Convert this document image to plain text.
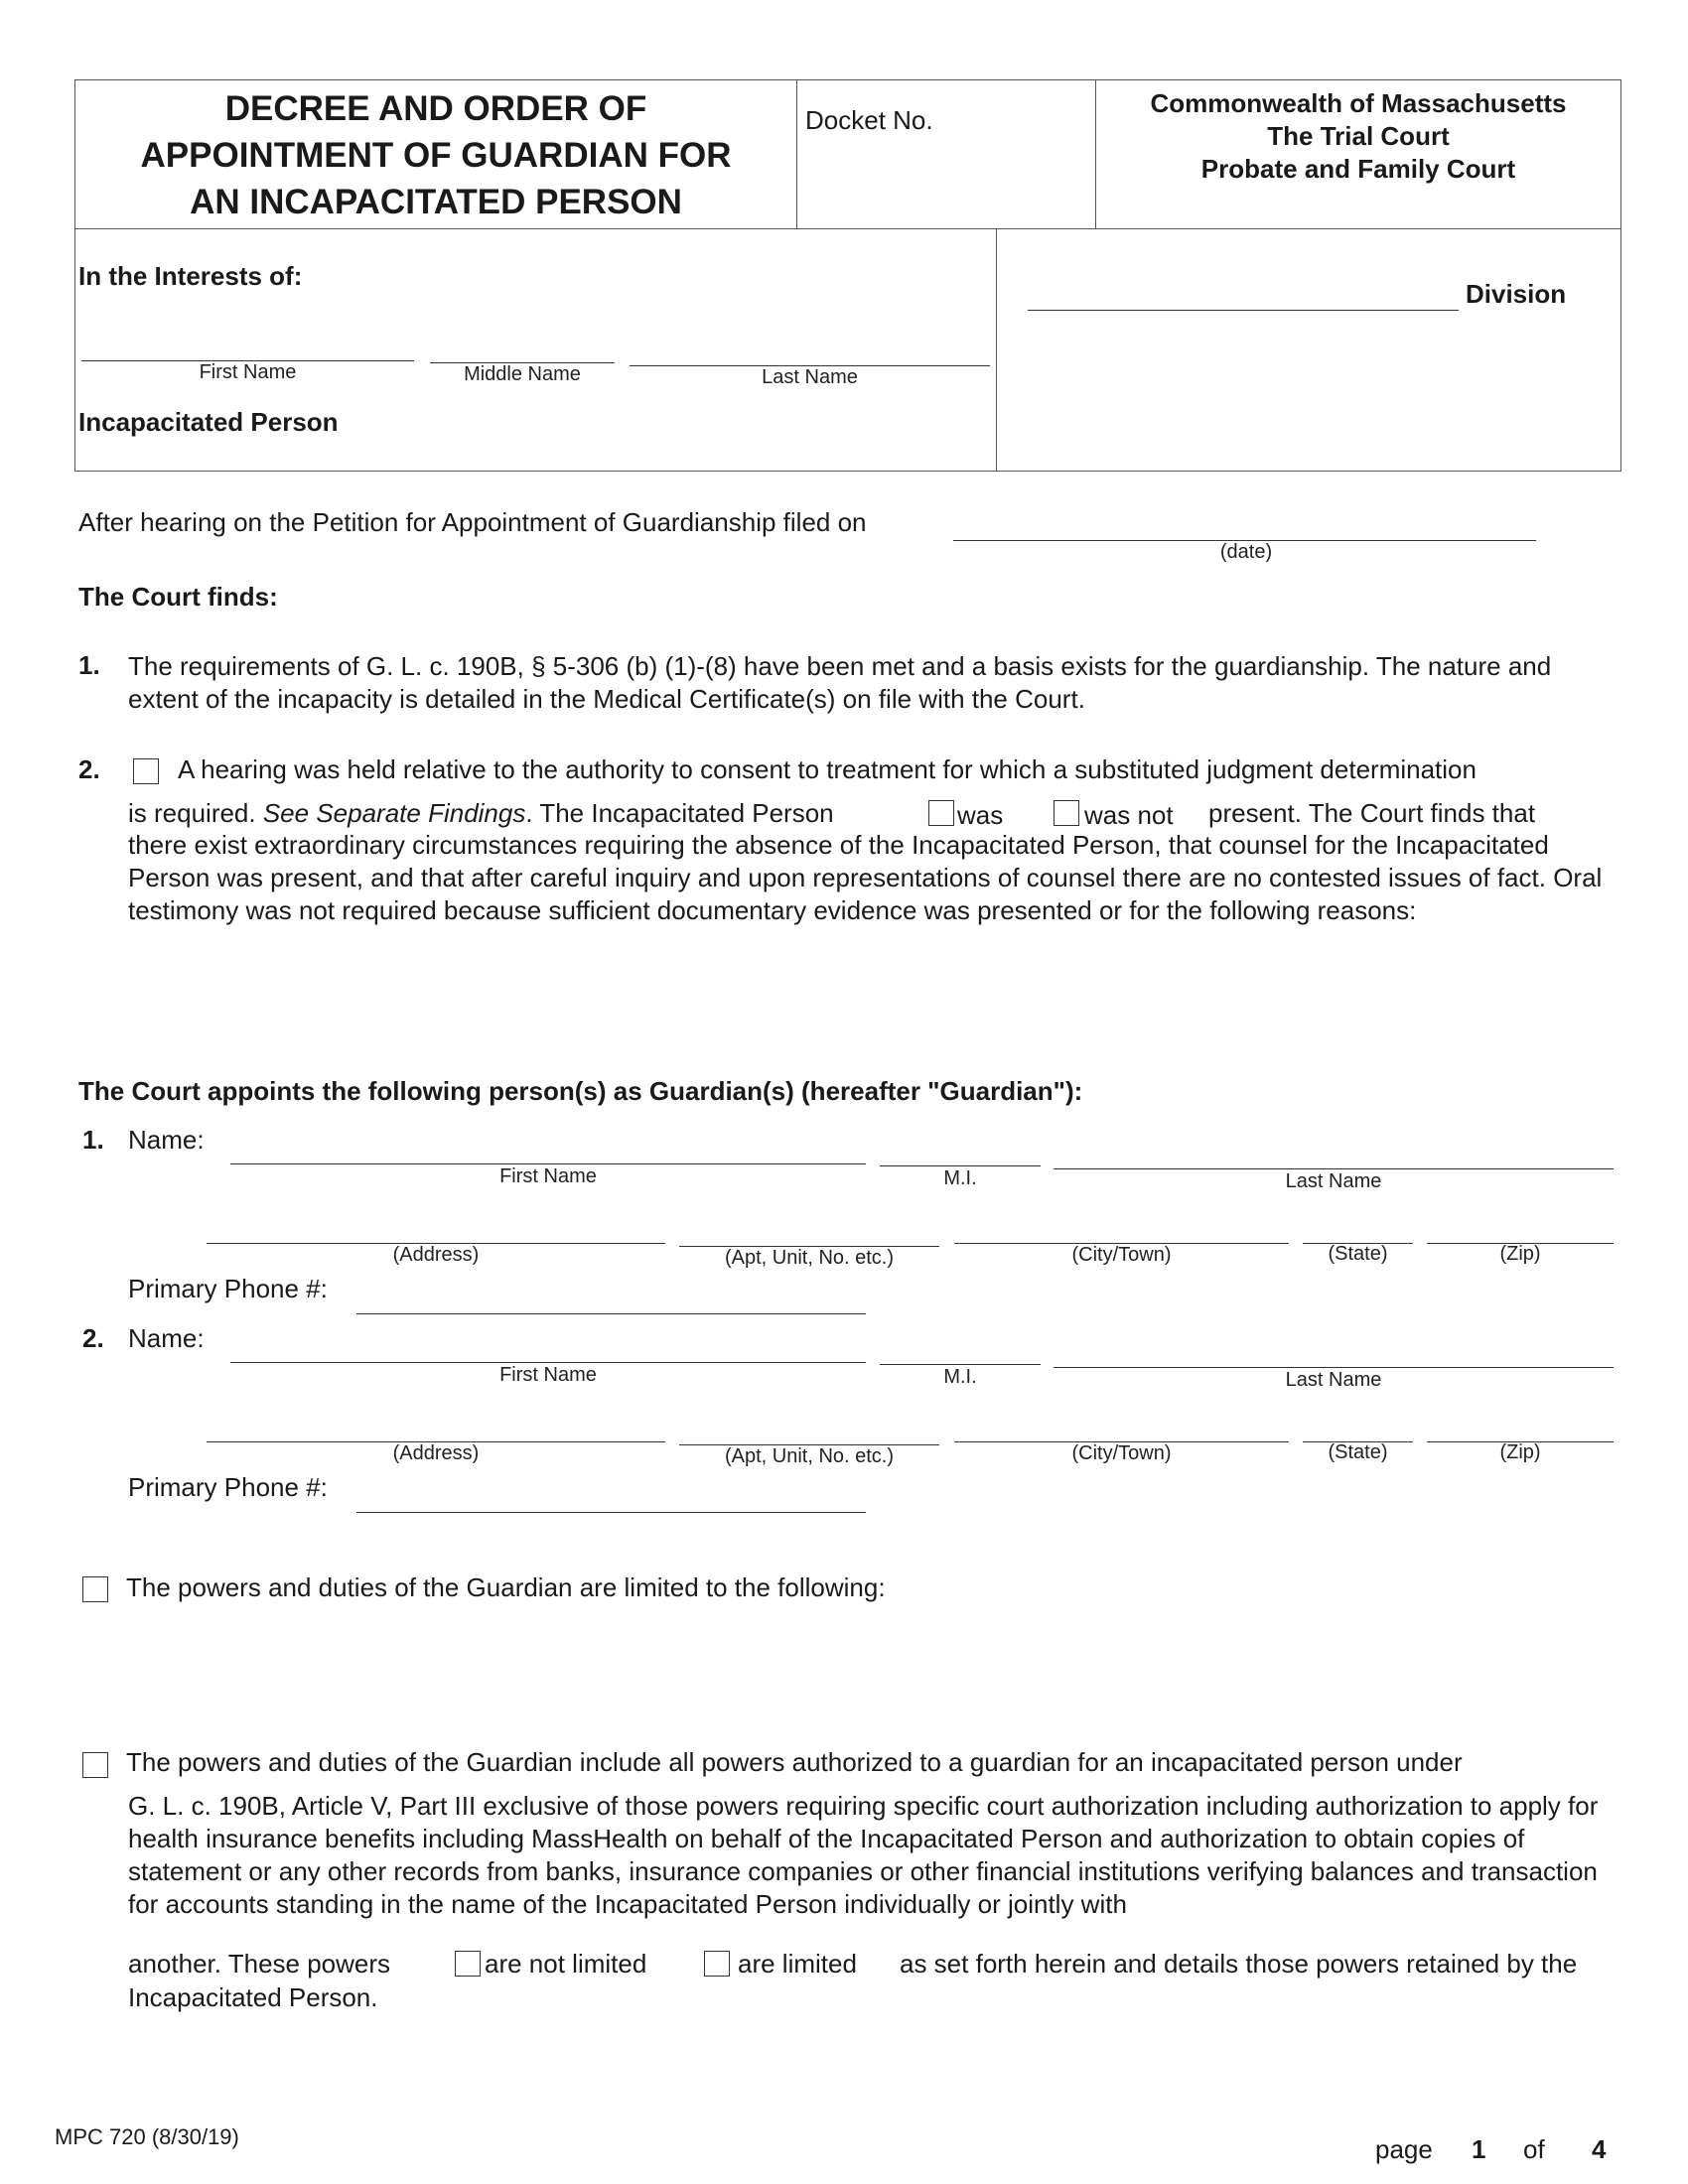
DECREE AND ORDER OF
APPOINTMENT OF GUARDIAN FOR
AN INCAPACITATED PERSON
Docket No.
Commonwealth of Massachusetts
The Trial Court
Probate and Family Court
In the Interests of:
First Name	Middle Name	Last Name
Incapacitated Person
Division
After hearing on the Petition for Appointment of Guardianship filed on
(date)
The Court finds:
1. The requirements of G. L. c. 190B, § 5-306 (b) (1)-(8) have been met and a basis exists for the guardianship. The nature and extent of the incapacity is detailed in the Medical Certificate(s) on file with the Court.
2.	A hearing was held relative to the authority to consent to treatment for which a substituted judgment determination
is required. See Separate Findings. The Incapacitated Person	was	was not present. The Court finds that
there exist extraordinary circumstances requiring the absence of the Incapacitated Person, that counsel for the Incapacitated Person was present, and that after careful inquiry and upon representations of counsel there are no contested issues of fact. Oral testimony was not required because sufficient documentary evidence was presented or for the following reasons:
The Court appoints the following person(s) as Guardian(s) (hereafter "Guardian"):
1. Name:
First Name	M.I.	Last Name
(Address)	(Apt, Unit, No. etc.)	(City/Town)	(State)	(Zip)
Primary Phone #:
2. Name:
First Name	M.I.	Last Name
(Address)	(Apt, Unit, No. etc.)	(City/Town)	(State)	(Zip)
Primary Phone #:
The powers and duties of the Guardian are limited to the following:
The powers and duties of the Guardian include all powers authorized to a guardian for an incapacitated person under
G. L. c. 190B, Article V, Part III exclusive of those powers requiring specific court authorization including authorization to apply for health insurance benefits including MassHealth on behalf of the Incapacitated Person and authorization to obtain copies of statement or any other records from banks, insurance companies or other financial institutions verifying balances and transaction for accounts standing in the name of the Incapacitated Person individually or jointly with
another. These powers	are not limited	are limited as set forth herein and details those powers retained by the
Incapacitated Person.
MPC 720 (8/30/19)	page 1 of 4
